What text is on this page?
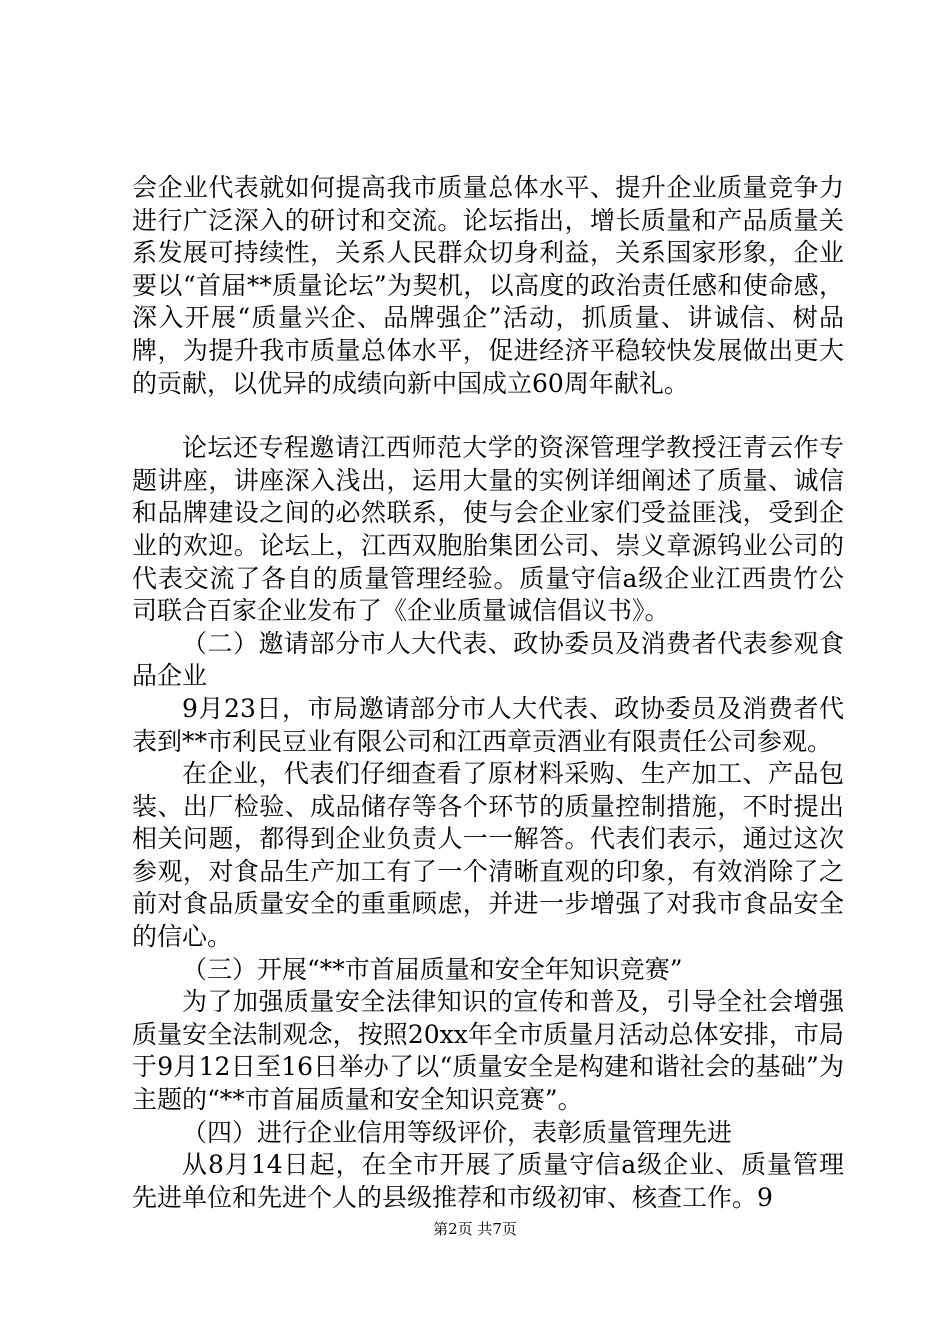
会企业代表就如何提高我市质量总体水平、提升企业质量竞争力进行广泛深入的研讨和交流。论坛指出，增长质量和产品质量关系发展可持续性，关系人民群众切身利益，关系国家形象，企业要以“首届**质量论坛”为契机，以高度的政治责任感和使命感，深入开展“质量兴企、品牌强企”活动，抓质量、讲诚信、树品牌，为提升我市质量总体水平，促进经济平稳较快发展做出更大的贡献，以优异的成绩向新中国成立60周年献礼。

论坛还专程邀请江西师范大学的资深管理学教授汪青云作专题讲座，讲座深入浅出，运用大量的实例详细阐述了质量、诚信和品牌建设之间的必然联系，使与会企业家们受益匪浅，受到企业的欢迎。论坛上，江西双胞胎集团公司、崇义章源钨业公司的代表交流了各自的质量管理经验。质量守信a级企业江西贵竹公司联合百家企业发布了《企业质量诚信倡议书》。

（二）邀请部分市人大代表、政协委员及消费者代表参观食品企业

9月23日，市局邀请部分市人大代表、政协委员及消费者代表到**市利民豆业有限公司和江西章贡酒业有限责任公司参观。

在企业，代表们仔细查看了原材料采购、生产加工、产品包装、出厂检验、成品储存等各个环节的质量控制措施，不时提出相关问题，都得到企业负责人一一解答。代表们表示，通过这次参观，对食品生产加工有了一个清晰直观的印象，有效消除了之前对食品质量安全的重重顾虑，并进一步增强了对我市食品安全的信心。

（三）开展“**市首届质量和安全年知识竞赛”

为了加强质量安全法律知识的宣传和普及，引导全社会增强质量安全法制观念，按照20xx年全市质量月活动总体安排，市局于9月12日至16日举办了以“质量安全是构建和谐社会的基础”为主题的“**市首届质量和安全知识竞赛”。

（四）进行企业信用等级评价，表彰质量管理先进

从8月14日起，在全市开展了质量守信a级企业、质量管理先进单位和先进个人的县级推荐和市级初审、核查工作。9

第2页 共7页
